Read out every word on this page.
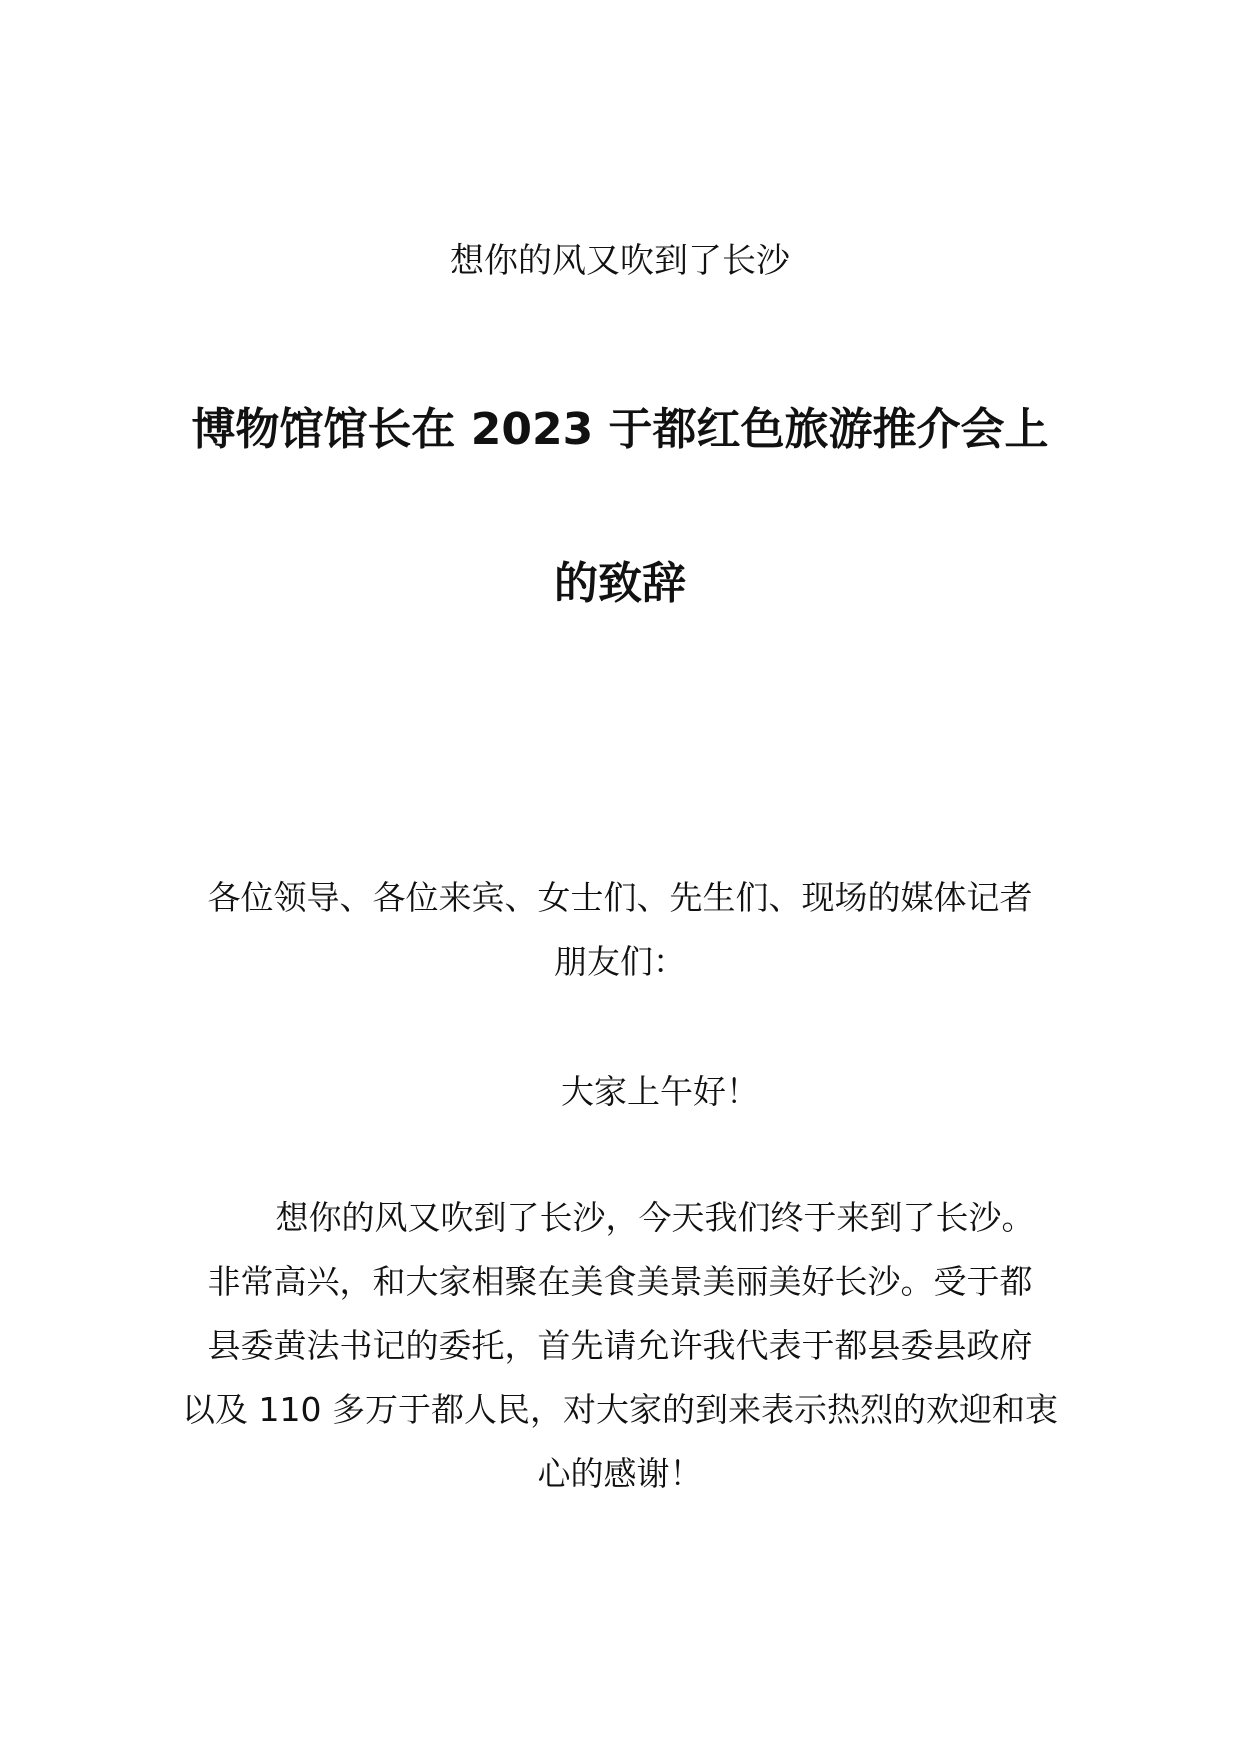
想你的风又吹到了长沙
博物馆馆长在 2023 于都红色旅游推介会上
的致辞
各位领导、各位来宾、女士们、先生们、现场的媒体记者
朋友们：
大家上午好！
想你的风又吹到了长沙，今天我们终于来到了长沙。
非常高兴，和大家相聚在美食美景美丽美好长沙。受于都
县委黄法书记的委托，首先请允许我代表于都县委县政府
以及 110 多万于都人民，对大家的到来表示热烈的欢迎和衷
心的感谢！
